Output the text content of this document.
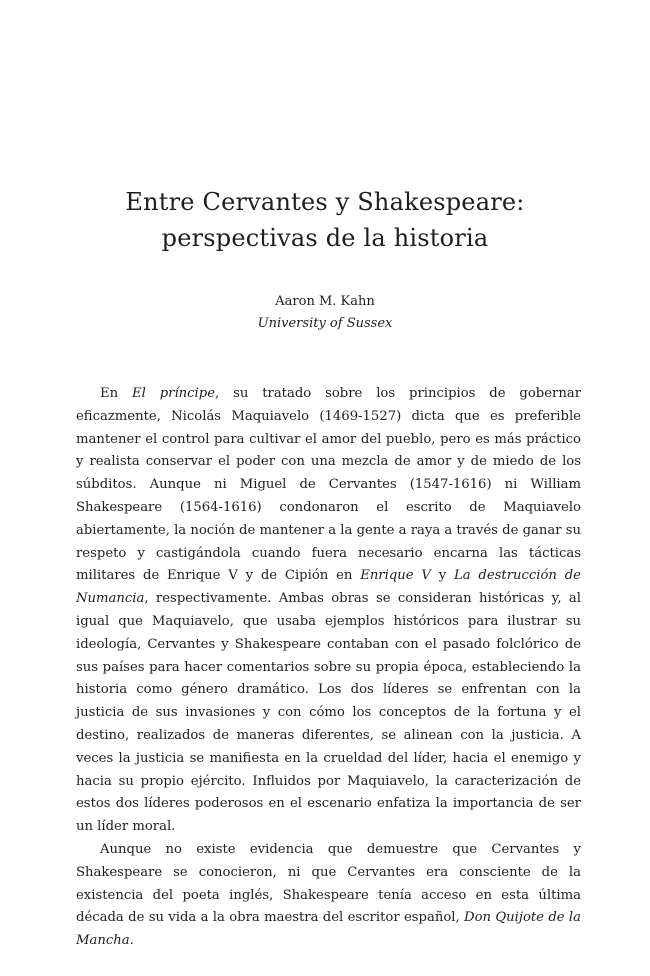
Entre Cervantes y Shakespeare:
perspectivas de la historia
Aaron M. Kahn
University of Sussex

En El príncipe, su tratado sobre los principios de gobernar eficazmente, Nicolás Maquiavelo (1469-1527) dicta que es preferible mantener el control para cultivar el amor del pueblo, pero es más práctico y realista conservar el poder con una mezcla de amor y de miedo de los súbditos. Aunque ni Miguel de Cervantes (1547-1616) ni William Shakespeare (1564-1616) condonaron el escrito de Maquiavelo abiertamente, la noción de mantener a la gente a raya a través de ganar su respeto y castigándola cuando fuera necesario encarna las tácticas militares de Enrique V y de Cipión en Enrique V y La destrucción de Numancia, respectivamente. Ambas obras se consideran históricas y, al igual que Maquiavelo, que usaba ejemplos históricos para ilustrar su ideología, Cervantes y Shakespeare contaban con el pasado folclórico de sus países para hacer comentarios sobre su propia época, estableciendo la historia como género dramático. Los dos líderes se enfrentan con la justicia de sus invasiones y con cómo los conceptos de la fortuna y el destino, realizados de maneras diferentes, se alinean con la justicia. A veces la justicia se manifiesta en la crueldad del líder, hacia el enemigo y hacia su propio ejército. Influidos por Maquiavelo, la caracterización de estos dos líderes poderosos en el escenario enfatiza la importancia de ser un líder moral.

Aunque no existe evidencia que demuestre que Cervantes y Shakespeare se conocieron, ni que Cervantes era consciente de la existencia del poeta inglés, Shakespeare tenía acceso en esta última década de su vida a la obra maestra del escritor español, Don Quijote de la Mancha.
